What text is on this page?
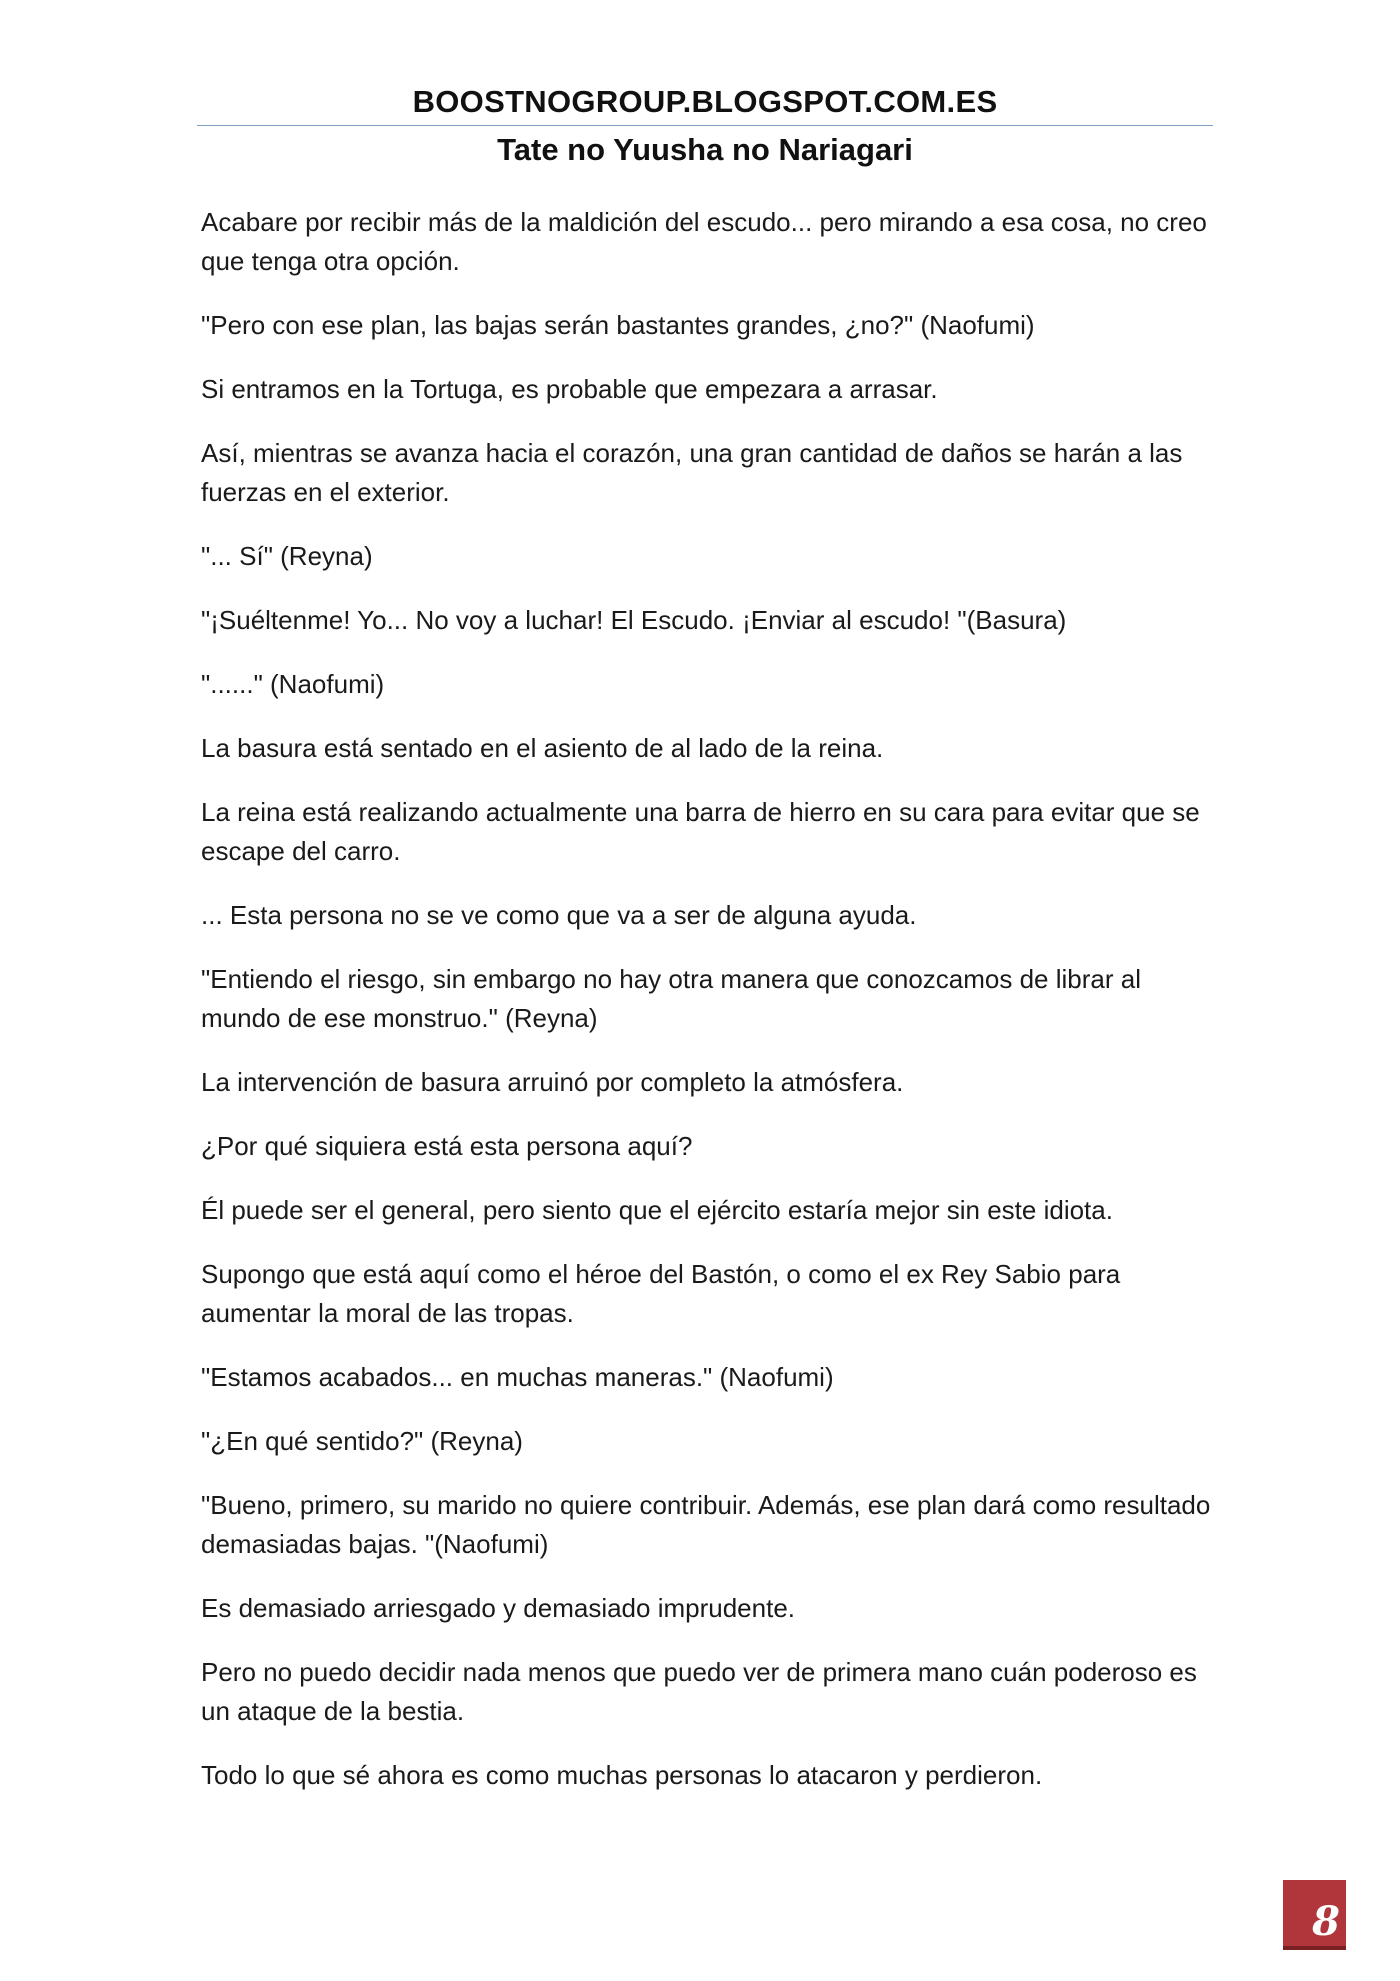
BOOSTNOGROUP.BLOGSPOT.COM.ES
Tate no Yuusha no Nariagari

Acabare por recibir más de la maldición del escudo... pero mirando a esa cosa, no creo que tenga otra opción.

"Pero con ese plan, las bajas serán bastantes grandes, ¿no?" (Naofumi)

Si entramos en la Tortuga, es probable que empezara a arrasar.

Así, mientras se avanza hacia el corazón, una gran cantidad de daños se harán a las fuerzas en el exterior.

"... Sí" (Reyna)

"¡Suéltenme! Yo... No voy a luchar! El Escudo. ¡Enviar al escudo! "(Basura)

"......" (Naofumi)

La basura está sentado en el asiento de al lado de la reina.

La reina está realizando actualmente una barra de hierro en su cara para evitar que se escape del carro.

... Esta persona no se ve como que va a ser de alguna ayuda.

"Entiendo el riesgo, sin embargo no hay otra manera que conozcamos de librar al mundo de ese monstruo." (Reyna)

La intervención de basura arruinó por completo la atmósfera.

¿Por qué siquiera está esta persona aquí?

Él puede ser el general, pero siento que el ejército estaría mejor sin este idiota.

Supongo que está aquí como el héroe del Bastón, o como el ex Rey Sabio para aumentar la moral de las tropas.

"Estamos acabados... en muchas maneras." (Naofumi)

"¿En qué sentido?" (Reyna)

"Bueno, primero, su marido no quiere contribuir. Además, ese plan dará como resultado demasiadas bajas. "(Naofumi)

Es demasiado arriesgado y demasiado imprudente.

Pero no puedo decidir nada menos que puedo ver de primera mano cuán poderoso es un ataque de la bestia.

Todo lo que sé ahora es como muchas personas lo atacaron y perdieron.

8
